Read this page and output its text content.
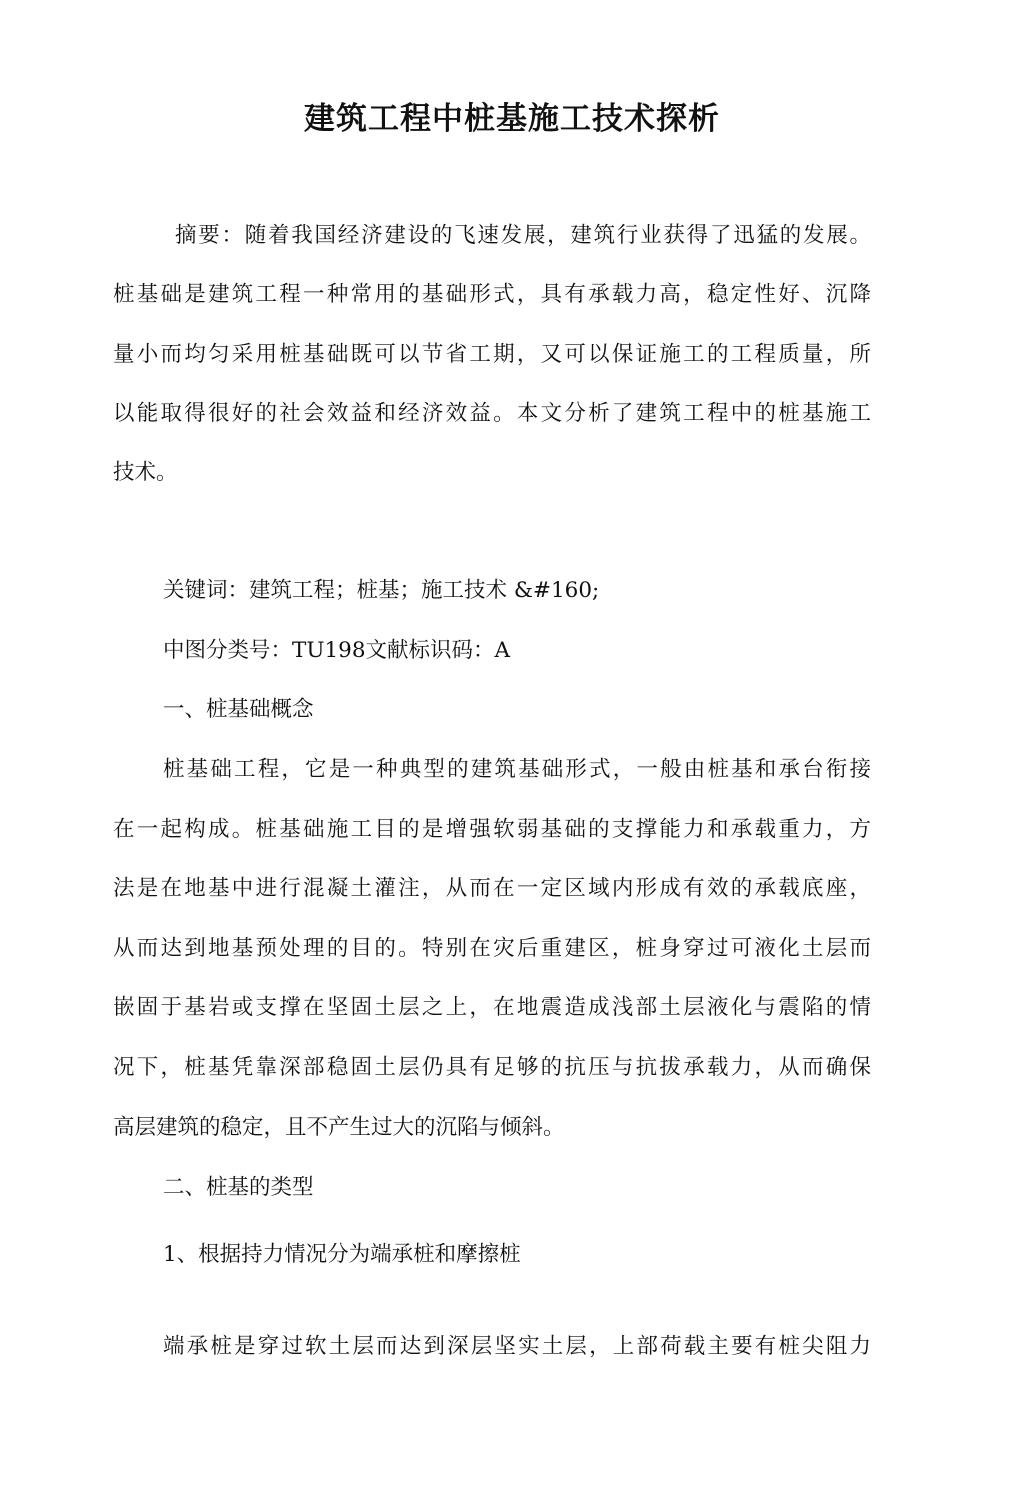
建筑工程中桩基施工技术探析
摘要：随着我国经济建设的飞速发展，建筑行业获得了迅猛的发展。
桩基础是建筑工程一种常用的基础形式，具有承载力高，稳定性好、沉降
量小而均匀采用桩基础既可以节省工期，又可以保证施工的工程质量，所
以能取得很好的社会效益和经济效益。本文分析了建筑工程中的桩基施工
技术。
关键词：建筑工程；桩基；施工技术 &#160;
中图分类号：TU198文献标识码：A
一、桩基础概念
桩基础工程，它是一种典型的建筑基础形式，一般由桩基和承台衔接
在一起构成。桩基础施工目的是增强软弱基础的支撑能力和承载重力，方
法是在地基中进行混凝土灌注，从而在一定区域内形成有效的承载底座，
从而达到地基预处理的目的。特别在灾后重建区，桩身穿过可液化土层而
嵌固于基岩或支撑在坚固土层之上，在地震造成浅部土层液化与震陷的情
况下，桩基凭靠深部稳固土层仍具有足够的抗压与抗拔承载力，从而确保
高层建筑的稳定，且不产生过大的沉陷与倾斜。
二、桩基的类型
1、根据持力情况分为端承桩和摩擦桩
端承桩是穿过软土层而达到深层坚实土层，上部荷载主要有桩尖阻力
